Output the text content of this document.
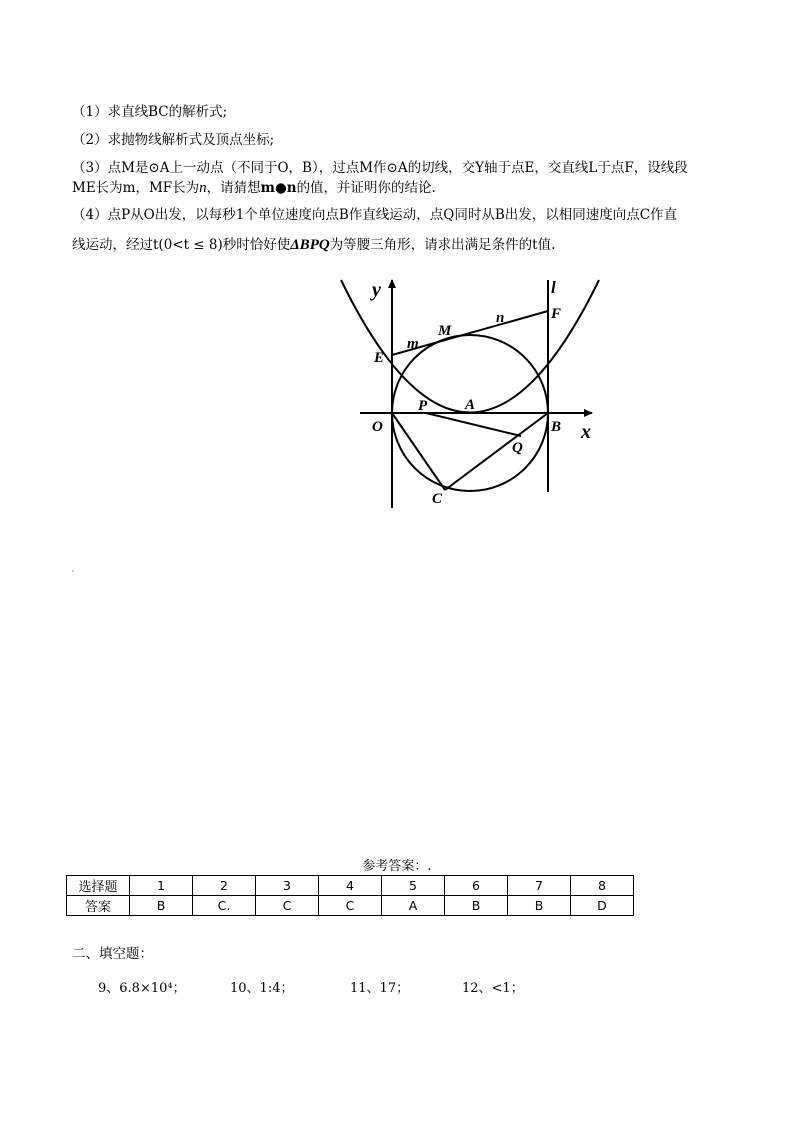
（1）求直线BC的解析式;
（2）求抛物线解析式及顶点坐标;
（3）点M是⊙A上一动点（不同于O，B），过点M作⊙A的切线，交Y轴于点E，交直线L于点F，设线段
ME长为m，MF长为n，请猜想m●n的值，并证明你的结论.
（4）点P从O出发，以每秒1个单位速度向点B作直线运动，点Q同时从B出发，以相同速度向点C作直
线运动，经过t(0<t ≤ 8)秒时恰好使ΔBPQ为等腰三角形，请求出满足条件的t值.
y
x
l
F
M
n
m
E
P	A
O	B
Q
C
参考答案：.
选择题	1	2	3	4	5	6	7	8
答案	B	C.	C	C	A	B	B	D
二、填空题：
9、6.8×10⁴；	10、1:4；	11、17；	12、<1；
